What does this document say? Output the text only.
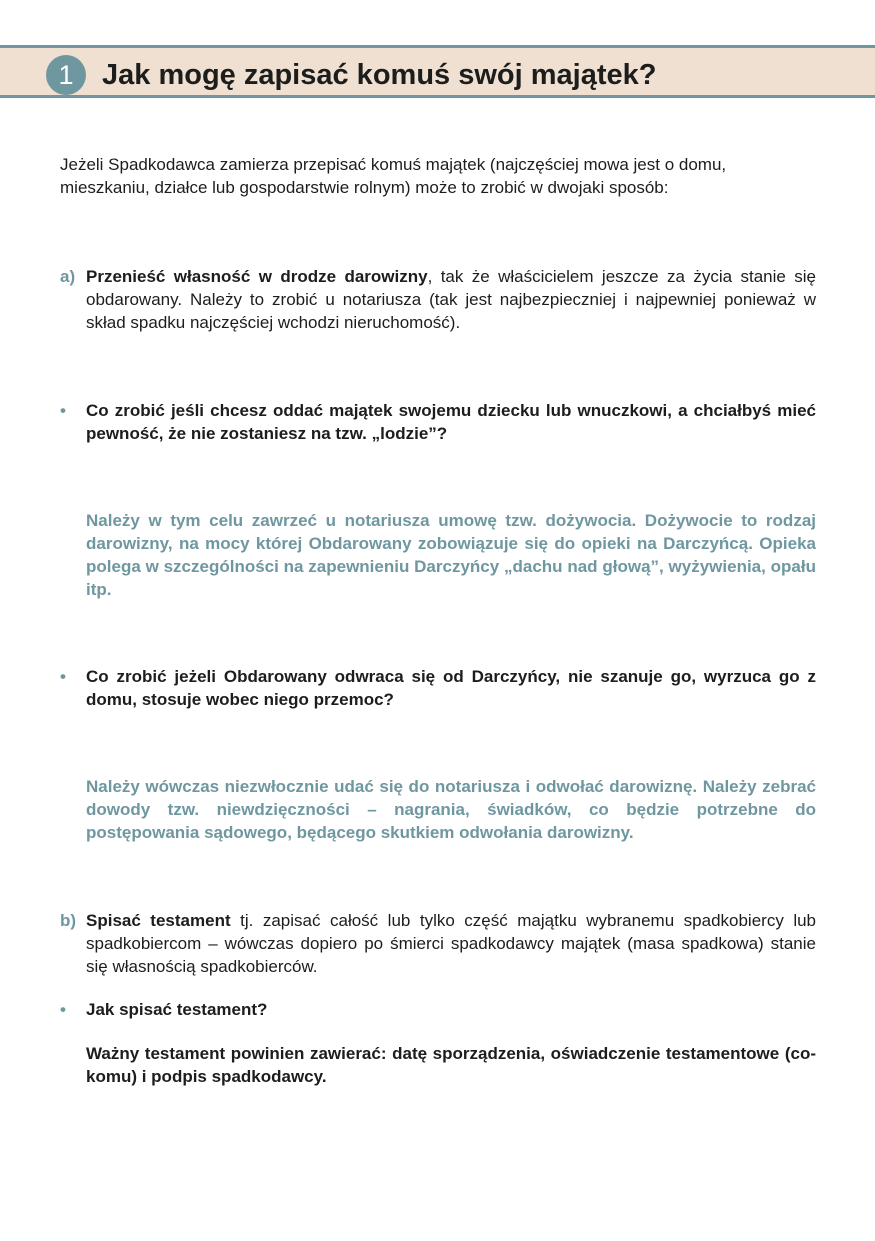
1 Jak mogę zapisać komuś swój majątek?

Jeżeli Spadkodawca zamierza przepisać komuś majątek (najczęściej mowa jest o domu, mieszkaniu, działce lub gospodarstwie rolnym) może to zrobić w dwojaki sposób:

a) Przenieść własność w drodze darowizny, tak że właścicielem jeszcze za życia stanie się obdarowany. Należy to zrobić u notariusza (tak jest najbezpieczniej i najpewniej ponieważ w skład spadku najczęściej wchodzi nieruchomość).

• Co zrobić jeśli chcesz oddać majątek swojemu dziecku lub wnuczkowi, a chciałbyś mieć pewność, że nie zostaniesz na tzw. „lodzie”?

Należy w tym celu zawrzeć u notariusza umowę tzw. dożywocia. Dożywocie to rodzaj darowizny, na mocy której Obdarowany zobowiązuje się do opieki na Darczyńcą. Opieka polega w szczególności na zapewnieniu Darczyńcy „dachu nad głową”, wyżywienia, opału itp.

• Co zrobić jeżeli Obdarowany odwraca się od Darczyńcy, nie szanuje go, wyrzuca go z domu, stosuje wobec niego przemoc?

Należy wówczas niezwłocznie udać się do notariusza i odwołać darowiznę. Należy zebrać dowody tzw. niewdzięczności – nagrania, świadków, co będzie potrzebne do postępowania sądowego, będącego skutkiem odwołania darowizny.

b) Spisać testament tj. zapisać całość lub tylko część majątku wybranemu spadkobiercy lub spadkobiercom – wówczas dopiero po śmierci spadkodawcy majątek (masa spadkowa) stanie się własnością spadkobierców.

• Jak spisać testament?

Ważny testament powinien zawierać: datę sporządzenia, oświadczenie testamentowe (co-komu) i podpis spadkodawcy.
